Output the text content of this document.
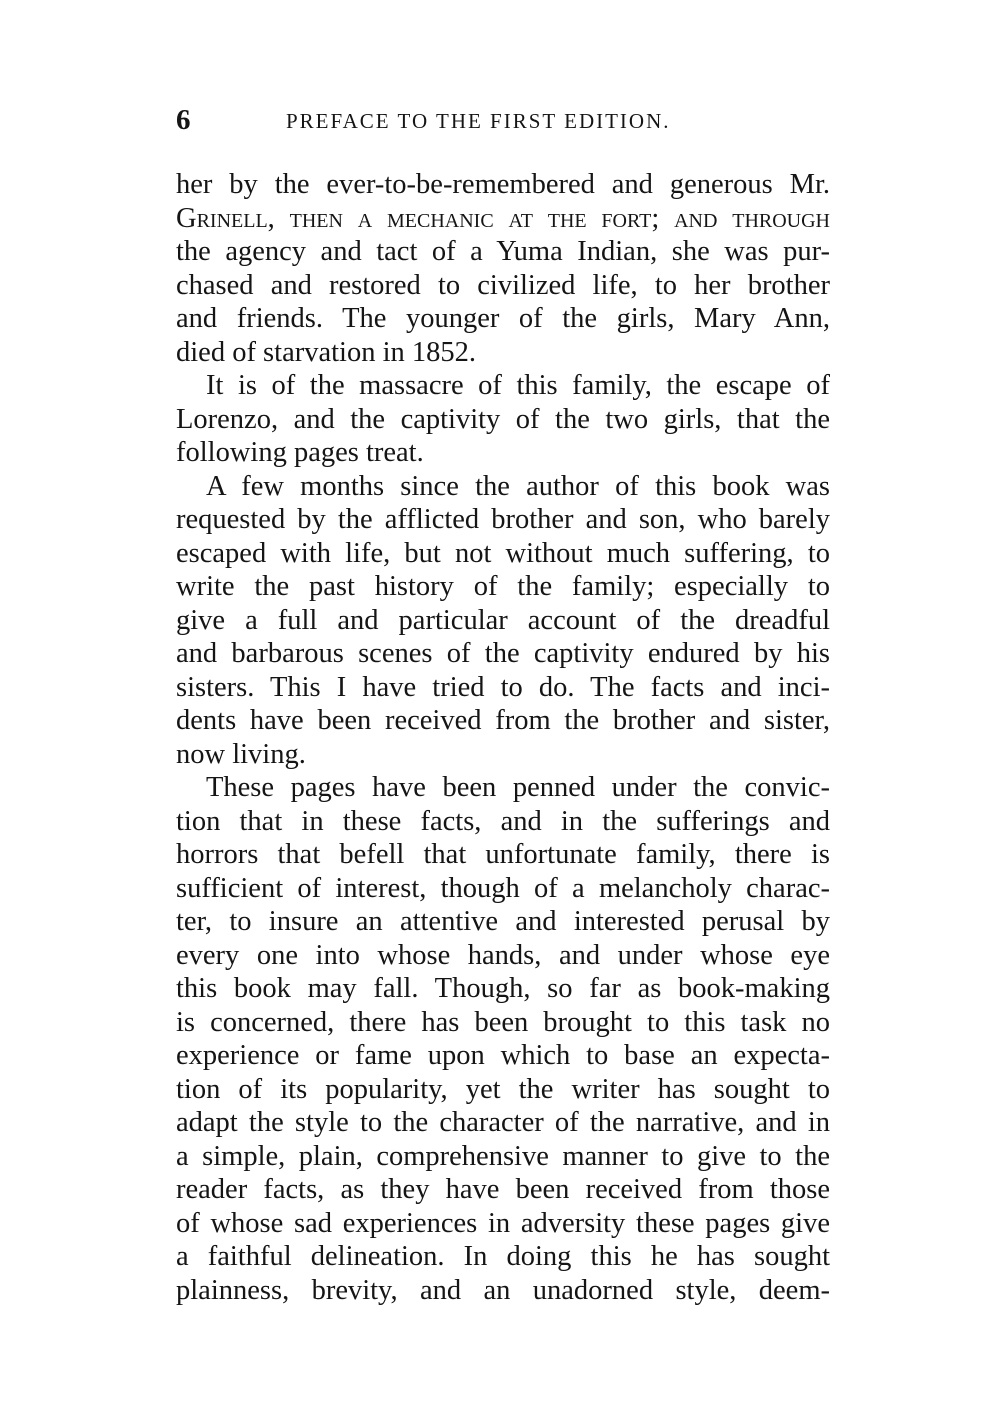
6	PREFACE TO THE FIRST EDITION.
her by the ever-to-be-remembered and generous Mr.
Grinell, then a mechanic at the fort; and through
the agency and tact of a Yuma Indian, she was pur-
chased and restored to civilized life, to her brother
and friends. The younger of the girls, Mary Ann,
died of starvation in 1852.
It is of the massacre of this family, the escape of
Lorenzo, and the captivity of the two girls, that the
following pages treat.
A few months since the author of this book was
requested by the afflicted brother and son, who barely
escaped with life, but not without much suffering, to
write the past history of the family; especially to
give a full and particular account of the dreadful
and barbarous scenes of the captivity endured by his
sisters. This I have tried to do. The facts and inci-
dents have been received from the brother and sister,
now living.
These pages have been penned under the convic-
tion that in these facts, and in the sufferings and
horrors that befell that unfortunate family, there is
sufficient of interest, though of a melancholy charac-
ter, to insure an attentive and interested perusal by
every one into whose hands, and under whose eye
this book may fall. Though, so far as book-making
is concerned, there has been brought to this task no
experience or fame upon which to base an expecta-
tion of its popularity, yet the writer has sought to
adapt the style to the character of the narrative, and in
a simple, plain, comprehensive manner to give to the
reader facts, as they have been received from those
of whose sad experiences in adversity these pages give
a faithful delineation. In doing this he has sought
plainness, brevity, and an unadorned style, deem-
